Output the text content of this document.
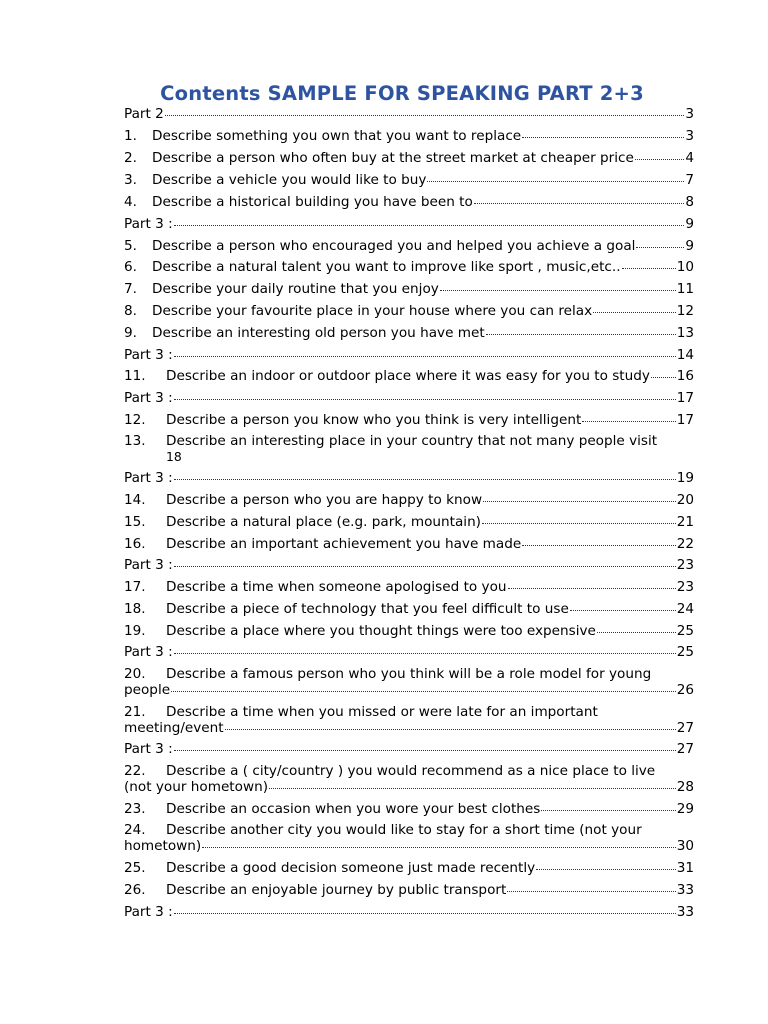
Contents SAMPLE FOR SPEAKING PART 2+3
Part 2	3
1.	Describe something you own that you want to replace	3
2.	Describe a person who often buy at the street market at cheaper price	4
3.	Describe a vehicle you would like to buy	7
4.	Describe a historical building you have been to	8
Part 3 :	9
5.	Describe a person who encouraged you and helped you achieve a goal	9
6.	Describe a natural talent you want to improve like sport , music,etc..	10
7.	Describe your daily routine that you enjoy	11
8.	Describe your favourite place in your house where you can relax	12
9.	Describe an interesting old person you have met	13
Part 3 :	14
11.	Describe an indoor or outdoor place where it was easy for you to study 16
Part 3 :	17
12.	Describe a person you know who you think is very intelligent	17
13.	Describe an interesting place in your country that not many people visit
18
Part 3 :	19
14.	Describe a person who you are happy to know	20
15.	Describe a natural place (e.g. park, mountain)	21
16.	Describe an important achievement you have made	22
Part 3 :	23
17.	Describe a time when someone apologised to you	23
18.	Describe a piece of technology that you feel difficult to use	24
19.	Describe a place where you thought things were too expensive	25
Part 3 :	25
20.	Describe a famous person who you think will be a role model for young
people	26
21.	Describe a time when you missed or were late for an important
meeting/event	27
Part 3 :	27
22.	Describe a ( city/country ) you would recommend as a nice place to live
(not your hometown)	28
23.	Describe an occasion when you wore your best clothes	29
24.	Describe another city you would like to stay for a short time (not your
hometown)	30
25.	Describe a good decision someone just made recently	31
26.	Describe an enjoyable journey by public transport	33
Part 3 :	33
